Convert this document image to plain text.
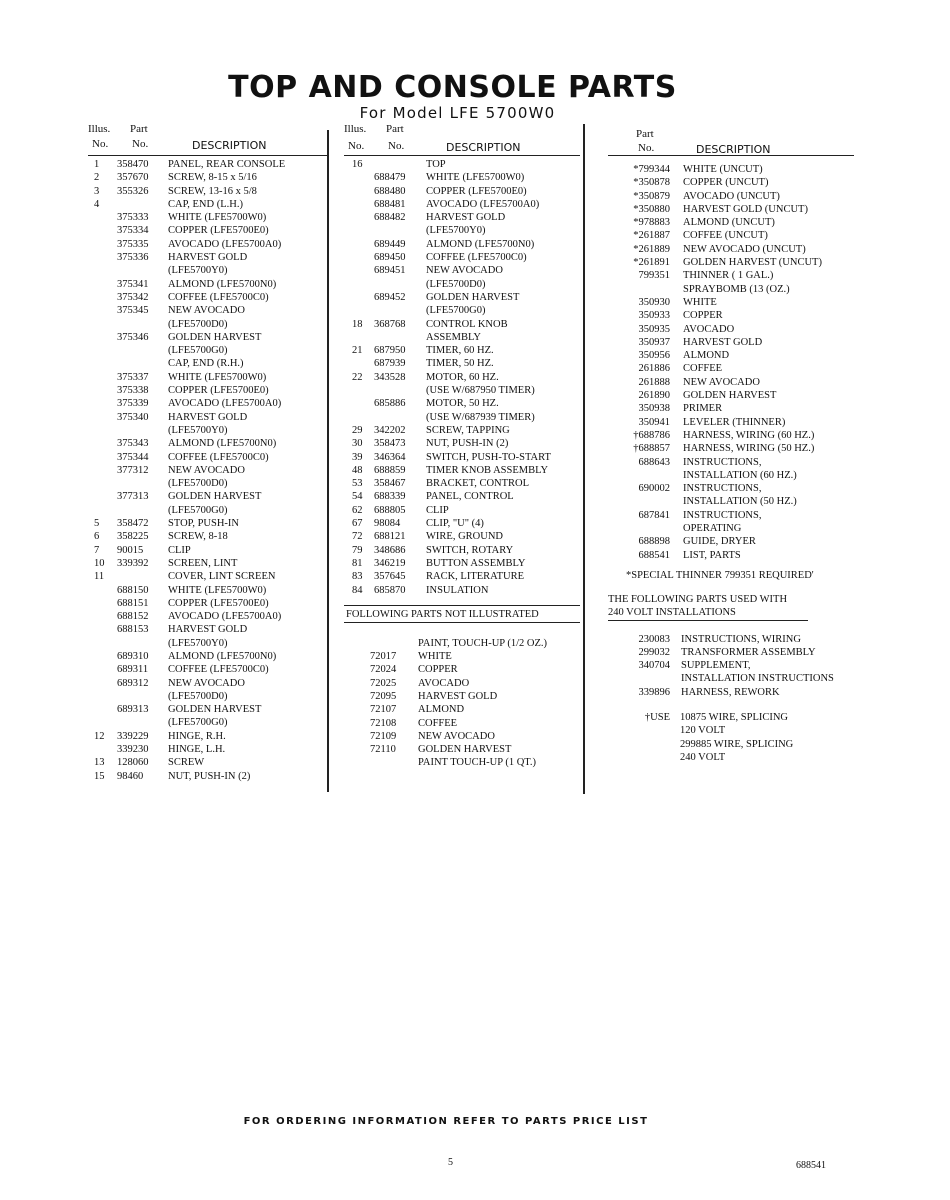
TOP AND CONSOLE PARTS
For Model LFE 5700W0
Illus. Part
No. No.	DESCRIPTION
1 358470 PANEL, REAR CONSOLE
2 357670 SCREW, 8-15 x 5/16
3 355326 SCREW, 13-16 x 5/8
4	CAP, END (L.H.)
375333 WHITE (LFE5700W0)
375334 COPPER (LFE5700E0)
375335 AVOCADO (LFE5700A0)
375336 HARVEST GOLD
(LFE5700Y0)
375341 ALMOND (LFE5700N0)
375342 COFFEE (LFE5700C0)
375345 NEW AVOCADO
(LFE5700D0)
375346 GOLDEN HARVEST
(LFE5700G0)
CAP, END (R.H.)
375337 WHITE (LFE5700W0)
375338 COPPER (LFE5700E0)
375339 AVOCADO (LFE5700A0)
375340 HARVEST GOLD
(LFE5700Y0)
375343 ALMOND (LFE5700N0)
375344 COFFEE (LFE5700C0)
377312 NEW AVOCADO
(LFE5700D0)
377313 GOLDEN HARVEST
(LFE5700G0)
5 358472 STOP, PUSH-IN
6 358225 SCREW, 8-18
7 90015 CLIP
10 339392 SCREEN, LINT
11	COVER, LINT SCREEN
688150 WHITE (LFE5700W0)
688151 COPPER (LFE5700E0)
688152 AVOCADO (LFE5700A0)
688153 HARVEST GOLD
(LFE5700Y0)
689310 ALMOND (LFE5700N0)
689311 COFFEE (LFE5700C0)
689312 NEW AVOCADO
(LFE5700D0)
689313 GOLDEN HARVEST
(LFE5700G0)
12 339229 HINGE, R.H.
339230 HINGE, L.H.
13 128060 SCREW
15 98460 NUT, PUSH-IN (2)
Illus. Part
No. No.	DESCRIPTION
16	TOP
688479 WHITE (LFE5700W0)
688480 COPPER (LFE5700E0)
688481 AVOCADO (LFE5700A0)
688482 HARVEST GOLD
(LFE5700Y0)
689449 ALMOND (LFE5700N0)
689450 COFFEE (LFE5700C0)
689451 NEW AVOCADO
(LFE5700D0)
689452 GOLDEN HARVEST
(LFE5700G0)
18 368768 CONTROL KNOB
ASSEMBLY
21 687950 TIMER, 60 HZ.
687939 TIMER, 50 HZ.
22 343528 MOTOR, 60 HZ.
(USE W/687950 TIMER)
685886 MOTOR, 50 HZ.
(USE W/687939 TIMER)
29 342202 SCREW, TAPPING
30 358473 NUT, PUSH-IN (2)
39 346364 SWITCH, PUSH-TO-START
48 688859 TIMER KNOB ASSEMBLY
53 358467 BRACKET, CONTROL
54 688339 PANEL, CONTROL
62 688805 CLIP
67 98084 CLIP, "U" (4)
72 688121 WIRE, GROUND
79 348686 SWITCH, ROTARY
81 346219 BUTTON ASSEMBLY
83 357645 RACK, LITERATURE
84 685870 INSULATION
FOLLOWING PARTS NOT ILLUSTRATED
PAINT, TOUCH-UP (1/2 OZ.)
72017 WHITE
72024 COPPER
72025 AVOCADO
72095 HARVEST GOLD
72107 ALMOND
72108 COFFEE
72109 NEW AVOCADO
72110 GOLDEN HARVEST
PAINT TOUCH-UP (1 QT.)
Part
No.	DESCRIPTION
*799344 WHITE (UNCUT)
*350878 COPPER (UNCUT)
*350879 AVOCADO (UNCUT)
*350880 HARVEST GOLD (UNCUT)
*978883 ALMOND (UNCUT)
*261887 COFFEE (UNCUT)
*261889 NEW AVOCADO (UNCUT)
*261891 GOLDEN HARVEST (UNCUT)
799351 THINNER ( 1 GAL.)
SPRAYBOMB (13 (OZ.)
350930 WHITE
350933 COPPER
350935 AVOCADO
350937 HARVEST GOLD
350956 ALMOND
261886 COFFEE
261888 NEW AVOCADO
261890 GOLDEN HARVEST
350938 PRIMER
350941 LEVELER (THINNER)
†688786 HARNESS, WIRING (60 HZ.)
†688857 HARNESS, WIRING (50 HZ.)
688643 INSTRUCTIONS,
INSTALLATION (60 HZ.)
690002 INSTRUCTIONS,
INSTALLATION (50 HZ.)
687841 INSTRUCTIONS,
OPERATING
688898 GUIDE, DRYER
688541 LIST, PARTS
*SPECIAL THINNER 799351 REQUIRED'
THE FOLLOWING PARTS USED WITH
240 VOLT INSTALLATIONS
230083 INSTRUCTIONS, WIRING
299032 TRANSFORMER ASSEMBLY
340704 SUPPLEMENT,
INSTALLATION INSTRUCTIONS
339896 HARNESS, REWORK
†USE 10875 WIRE, SPLICING
120 VOLT
299885 WIRE, SPLICING
240 VOLT
FOR ORDERING INFORMATION REFER TO PARTS PRICE LIST
5	688541
